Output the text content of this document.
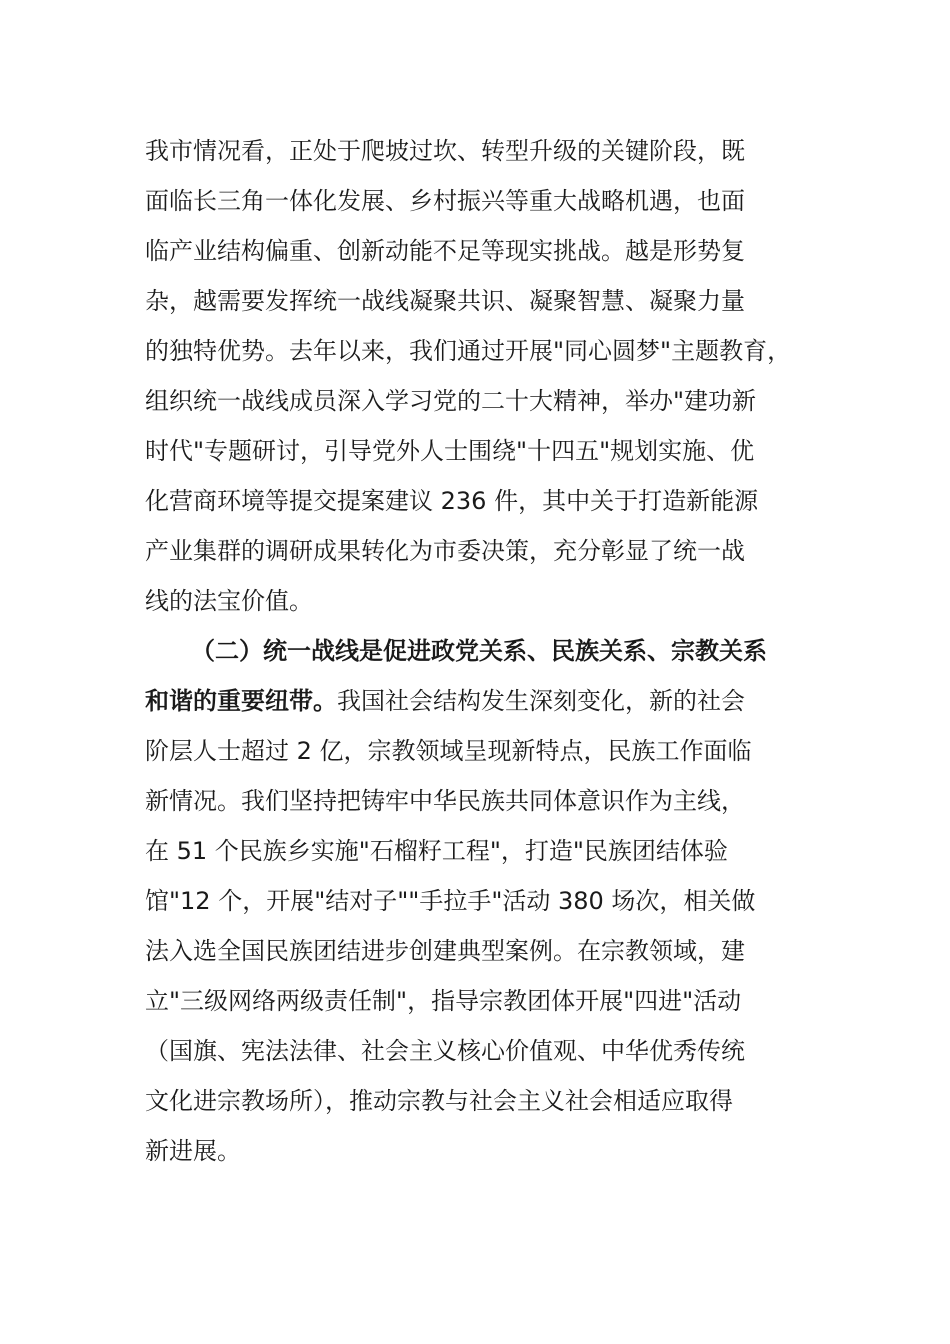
我市情况看，正处于爬坡过坎、转型升级的关键阶段，既
面临长三角一体化发展、乡村振兴等重大战略机遇，也面
临产业结构偏重、创新动能不足等现实挑战。越是形势复
杂，越需要发挥统一战线凝聚共识、凝聚智慧、凝聚力量
的独特优势。去年以来，我们通过开展"同心圆梦"主题教育，
组织统一战线成员深入学习党的二十大精神，举办"建功新
时代"专题研讨，引导党外人士围绕"十四五"规划实施、优
化营商环境等提交提案建议 236 件，其中关于打造新能源
产业集群的调研成果转化为市委决策，充分彰显了统一战
线的法宝价值。
（二）统一战线是促进政党关系、民族关系、宗教关系
和谐的重要纽带。我国社会结构发生深刻变化，新的社会
阶层人士超过 2 亿，宗教领域呈现新特点，民族工作面临
新情况。我们坚持把铸牢中华民族共同体意识作为主线，
在 51 个民族乡实施"石榴籽工程"，打造"民族团结体验
馆"12 个，开展"结对子""手拉手"活动 380 场次，相关做
法入选全国民族团结进步创建典型案例。在宗教领域，建
立"三级网络两级责任制"，指导宗教团体开展"四进"活动
（国旗、宪法法律、社会主义核心价值观、中华优秀传统
文化进宗教场所），推动宗教与社会主义社会相适应取得
新进展。
